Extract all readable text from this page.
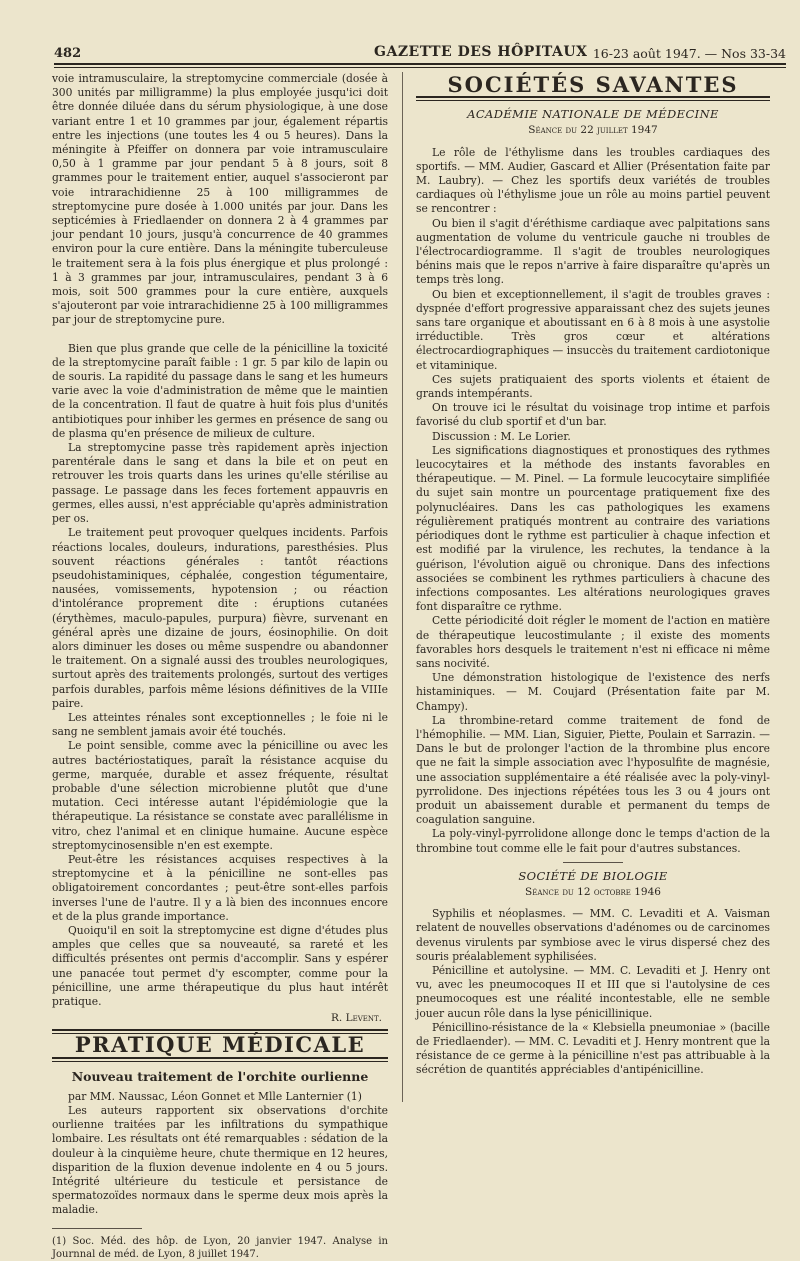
482	GAZETTE DES HÔPITAUX 16-23 août 1947. — Nos 33-34

voie intramusculaire, la streptomycine commerciale (dosée à 300 unités par milligramme) la plus employée jusqu'ici doit être donnée diluée dans du sérum physiologique, à une dose variant entre 1 et 10 grammes par jour, également répartis entre les injections (une toutes les 4 ou 5 heures). Dans la méningite à Pfeiffer on donnera par voie intramusculaire 0,50 à 1 gramme par jour pendant 5 à 8 jours, soit 8 grammes pour le traitement entier, auquel s'associeront par voie intrarachidienne 25 à 100 milligrammes de streptomycine pure dosée à 1.000 unités par jour. Dans les septicémies à Friedlaender on donnera 2 à 4 grammes par jour pendant 10 jours, jusqu'à concurrence de 40 grammes environ pour la cure entière. Dans la méningite tuberculeuse le traitement sera à la fois plus énergique et plus prolongé : 1 à 3 grammes par jour, intramusculaires, pendant 3 à 6 mois, soit 500 grammes pour la cure entière, auxquels s'ajouteront par voie intrarachidienne 25 à 100 milligrammes par jour de streptomycine pure.

Bien que plus grande que celle de la pénicilline la toxicité de la streptomycine paraît faible : 1 gr. 5 par kilo de lapin ou de souris. La rapidité du passage dans le sang et les humeurs varie avec la voie d'administration de même que le maintien de la concentration. Il faut de quatre à huit fois plus d'unités antibiotiques pour inhiber les germes en présence de sang ou de plasma qu'en présence de milieux de culture.

La streptomycine passe très rapidement après injection parentérale dans le sang et dans la bile et on peut en retrouver les trois quarts dans les urines qu'elle stérilise au passage. Le passage dans les feces fortement appauvris en germes, elles aussi, n'est appréciable qu'après administration per os.

Le traitement peut provoquer quelques incidents. Parfois réactions locales, douleurs, indurations, paresthésies. Plus souvent réactions générales : tantôt réactions pseudohistaminiques, céphalée, congestion tégumentaire, nausées, vomissements, hypotension ; ou réaction d'intolérance proprement dite : éruptions cutanées (érythèmes, maculo-papules, purpura) fièvre, survenant en général après une dizaine de jours, éosinophilie. On doit alors diminuer les doses ou même suspendre ou abandonner le traitement. On a signalé aussi des troubles neurologiques, surtout après des traitements prolongés, surtout des vertiges parfois durables, parfois même lésions définitives de la VIIIe paire.

Les atteintes rénales sont exceptionnelles ; le foie ni le sang ne semblent jamais avoir été touchés.

Le point sensible, comme avec la pénicilline ou avec les autres bactériostatiques, paraît la résistance acquise du germe, marquée, durable et assez fréquente, résultat probable d'une sélection microbienne plutôt que d'une mutation. Ceci intéresse autant l'épidémiologie que la thérapeutique. La résistance se constate avec parallélisme in vitro, chez l'animal et en clinique humaine. Aucune espèce streptomycinosensible n'en est exempte.

Peut-être les résistances acquises respectives à la streptomycine et à la pénicilline ne sont-elles pas obligatoirement concordantes ; peut-être sont-elles parfois inverses l'une de l'autre. Il y a là bien des inconnues encore et de la plus grande importance.

Quoiqu'il en soit la streptomycine est digne d'études plus amples que celles que sa nouveauté, sa rareté et les difficultés présentes ont permis d'accomplir. Sans y espérer une panacée tout permet d'y escompter, comme pour la pénicilline, une arme thérapeutique du plus haut intérêt pratique.

R. Levent.
PRATIQUE MÉDICALE
Nouveau traitement de l'orchite ourlienne

par MM. Naussac, Léon Gonnet et Mlle Lanternier (1)

Les auteurs rapportent six observations d'orchite ourlienne traitées par les infiltrations du sympathique lombaire. Les résultats ont été remarquables : sédation de la douleur à la cinquième heure, chute thermique en 12 heures, disparition de la fluxion devenue indolente en 4 ou 5 jours. Intégrité ultérieure du testicule et persistance de spermatozoïdes normaux dans le sperme deux mois après la maladie.

(1) Soc. Méd. des hôp. de Lyon, 20 janvier 1947. Analyse in Journnal de méd. de Lyon, 8 juillet 1947.
SOCIÉTÉS SAVANTES
ACADÉMIE NATIONALE DE MÉDECINE
Séance du 22 juillet 1947

Le rôle de l'éthylisme dans les troubles cardiaques des sportifs. — MM. Audier, Gascard et Allier (Présentation faite par M. Laubry). — Chez les sportifs deux variétés de troubles cardiaques où l'éthylisme joue un rôle au moins partiel peuvent se rencontrer :

Ou bien il s'agit d'éréthisme cardiaque avec palpitations sans augmentation de volume du ventricule gauche ni troubles de l'électrocardiogramme. Il s'agit de troubles neurologiques bénins mais que le repos n'arrive à faire disparaître qu'après un temps très long.

Ou bien et exceptionnellement, il s'agit de troubles graves : dyspnée d'effort progressive apparaissant chez des sujets jeunes sans tare organique et aboutissant en 6 à 8 mois à une asystolie irréductible. Très gros cœur et altérations électrocardiographiques — insuccès du traitement cardiotonique et vitaminique.

Ces sujets pratiquaient des sports violents et étaient de grands intempérants.

On trouve ici le résultat du voisinage trop intime et parfois favorisé du club sportif et d'un bar.

Discussion : M. Le Lorier.

Les significations diagnostiques et pronostiques des rythmes leucocytaires et la méthode des instants favorables en thérapeutique. — M. Pinel. — La formule leucocytaire simplifiée du sujet sain montre un pourcentage pratiquement fixe des polynucléaires. Dans les cas pathologiques les examens régulièrement pratiqués montrent au contraire des variations périodiques dont le rythme est particulier à chaque infection et est modifié par la virulence, les rechutes, la tendance à la guérison, l'évolution aiguë ou chronique. Dans des infections associées se combinent les rythmes particuliers à chacune des infections composantes. Les altérations neurologiques graves font disparaître ce rythme.

Cette périodicité doit régler le moment de l'action en matière de thérapeutique leucostimulante ; il existe des moments favorables hors desquels le traitement n'est ni efficace ni même sans nocivité.

Une démonstration histologique de l'existence des nerfs histaminiques. — M. Coujard (Présentation faite par M. Champy).

La thrombine-retard comme traitement de fond de l'hémophilie. — MM. Lian, Siguier, Piette, Poulain et Sarrazin. — Dans le but de prolonger l'action de la thrombine plus encore que ne fait la simple association avec l'hyposulfite de magnésie, une association supplémentaire a été réalisée avec la poly-vinyl-pyrrolidone. Des injections répétées tous les 3 ou 4 jours ont produit un abaissement durable et permanent du temps de coagulation sanguine.

La poly-vinyl-pyrrolidone allonge donc le temps d'action de la thrombine tout comme elle le fait pour d'autres substances.

SOCIÉTÉ DE BIOLOGIE
Séance du 12 octobre 1946

Syphilis et néoplasmes. — MM. C. Levaditi et A. Vaisman relatent de nouvelles observations d'adénomes ou de carcinomes devenus virulents par symbiose avec le virus dispersé chez des souris préalablement syphilisées.

Pénicilline et autolysine. — MM. C. Levaditi et J. Henry ont vu, avec les pneumocoques II et III que si l'autolysine de ces pneumocoques est une réalité incontestable, elle ne semble jouer aucun rôle dans la lyse pénicillinique.

Pénicillino-résistance de la « Klebsiella pneumoniae » (bacille de Friedlaender). — MM. C. Levaditi et J. Henry montrent que la résistance de ce germe à la pénicilline n'est pas attribuable à la sécrétion de quantités appréciables d'antipénicilline.
